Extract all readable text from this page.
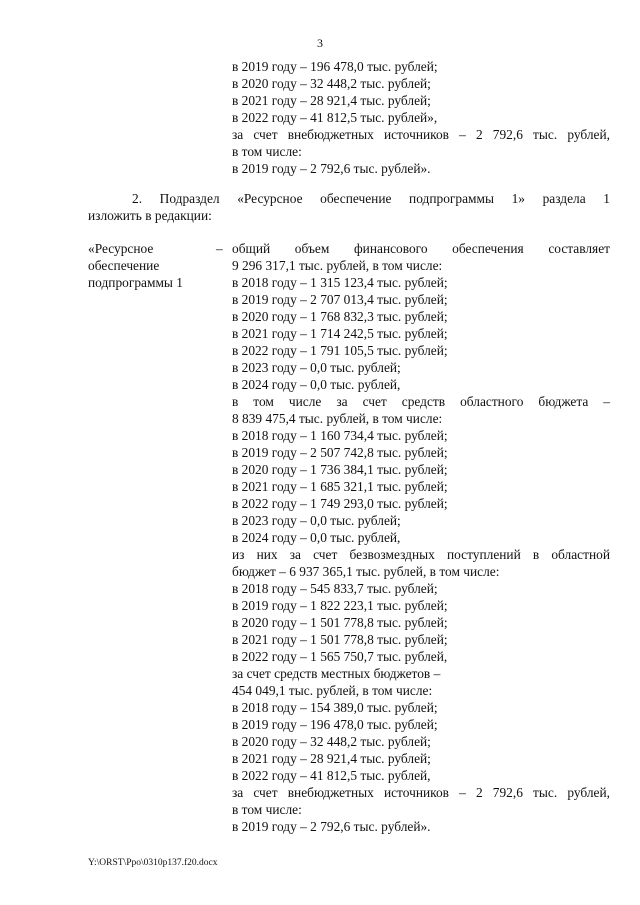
3
в 2019 году – 196 478,0 тыс. рублей;
в 2020 году – 32 448,2 тыс. рублей;
в 2021 году – 28 921,4 тыс. рублей;
в 2022 году – 41 812,5 тыс. рублей»,
за счет внебюджетных источников – 2 792,6 тыс. рублей,
в том числе:
в 2019 году – 2 792,6 тыс. рублей».
2. Подраздел «Ресурсное обеспечение подпрограммы 1» раздела 1
изложить в редакции:
«Ресурсное
обеспечение
подпрограммы 1
– общий объем финансового обеспечения составляет
9 296 317,1 тыс. рублей, в том числе:
в 2018 году – 1 315 123,4 тыс. рублей;
в 2019 году – 2 707 013,4 тыс. рублей;
в 2020 году – 1 768 832,3 тыс. рублей;
в 2021 году – 1 714 242,5 тыс. рублей;
в 2022 году – 1 791 105,5 тыс. рублей;
в 2023 году – 0,0 тыс. рублей;
в 2024 году – 0,0 тыс. рублей,
в том числе за счет средств областного бюджета –
8 839 475,4 тыс. рублей, в том числе:
в 2018 году – 1 160 734,4 тыс. рублей;
в 2019 году – 2 507 742,8 тыс. рублей;
в 2020 году – 1 736 384,1 тыс. рублей;
в 2021 году – 1 685 321,1 тыс. рублей;
в 2022 году – 1 749 293,0 тыс. рублей;
в 2023 году – 0,0 тыс. рублей;
в 2024 году – 0,0 тыс. рублей,
из них за счет безвозмездных поступлений в областной
бюджет – 6 937 365,1 тыс. рублей, в том числе:
в 2018 году – 545 833,7 тыс. рублей;
в 2019 году – 1 822 223,1 тыс. рублей;
в 2020 году – 1 501 778,8 тыс. рублей;
в 2021 году – 1 501 778,8 тыс. рублей;
в 2022 году – 1 565 750,7 тыс. рублей,
за счет средств местных бюджетов –
454 049,1 тыс. рублей, в том числе:
в 2018 году – 154 389,0 тыс. рублей;
в 2019 году – 196 478,0 тыс. рублей;
в 2020 году – 32 448,2 тыс. рублей;
в 2021 году – 28 921,4 тыс. рублей;
в 2022 году – 41 812,5 тыс. рублей,
за счет внебюджетных источников – 2 792,6 тыс. рублей,
в том числе:
в 2019 году – 2 792,6 тыс. рублей».
Y:\ORST\Ppo\0310p137.f20.docx
